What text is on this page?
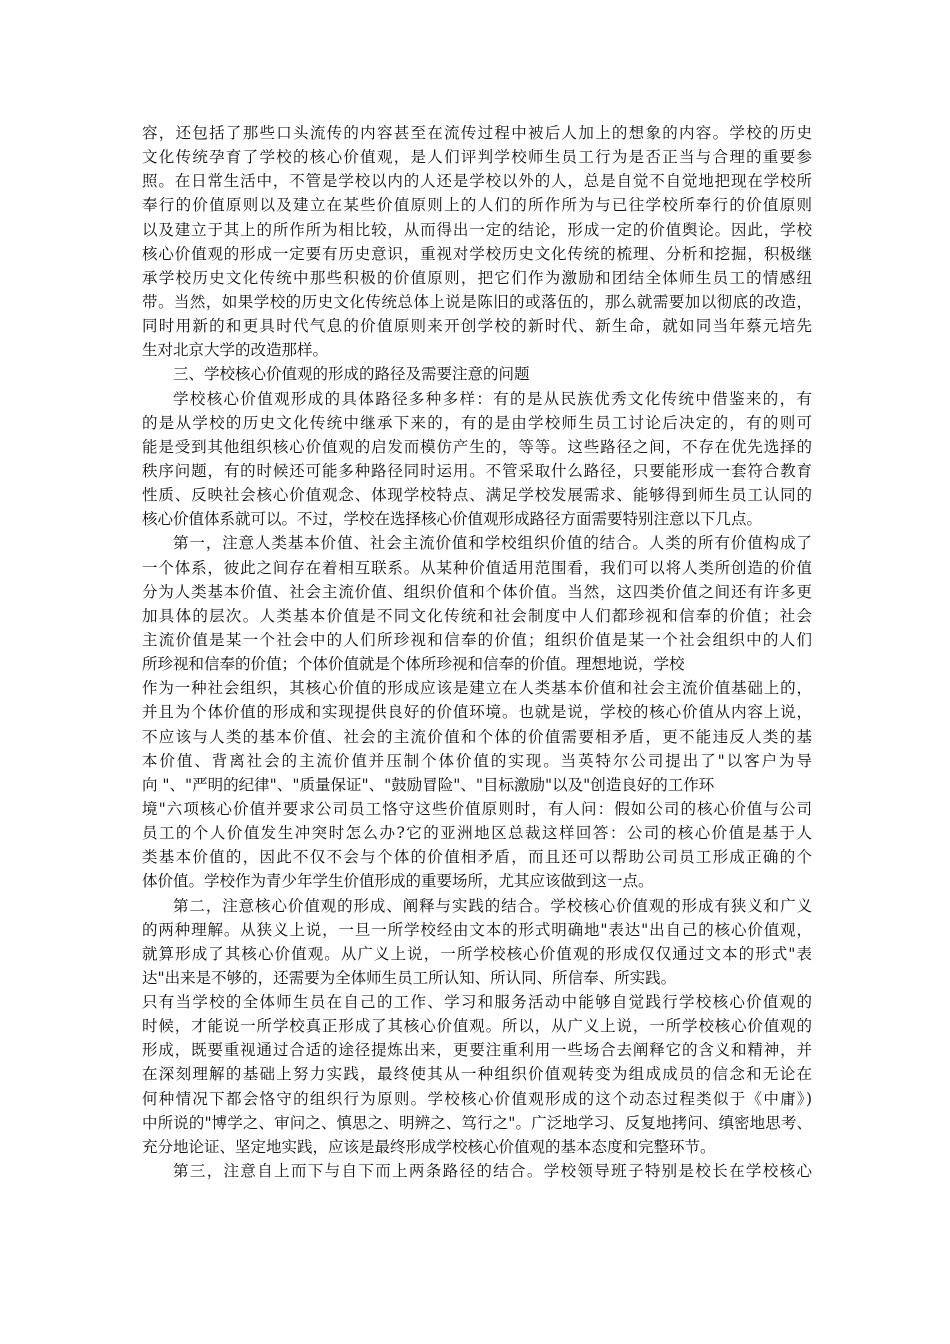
容，还包括了那些口头流传的内容甚至在流传过程中被后人加上的想象的内容。学校的历史
文化传统孕育了学校的核心价值观，是人们评判学校师生员工行为是否正当与合理的重要参
照。在日常生活中，不管是学校以内的人还是学校以外的人，总是自觉不自觉地把现在学校所
奉行的价值原则以及建立在某些价值原则上的人们的所作所为与已往学校所奉行的价值原则
以及建立于其上的所作所为相比较，从而得出一定的结论，形成一定的价值舆论。因此，学校
核心价值观的形成一定要有历史意识，重视对学校历史文化传统的梳理、分析和挖掘，积极继
承学校历史文化传统中那些积极的价值原则，把它们作为激励和团结全体师生员工的情感纽
带。当然，如果学校的历史文化传统总体上说是陈旧的或落伍的，那么就需要加以彻底的改造，
同时用新的和更具时代气息的价值原则来开创学校的新时代、新生命，就如同当年蔡元培先
生对北京大学的改造那样。
三、学校核心价值观的形成的路径及需要注意的问题
学校核心价值观形成的具体路径多种多样：有的是从民族优秀文化传统中借鉴来的，有
的是从学校的历史文化传统中继承下来的，有的是由学校师生员工讨论后决定的，有的则可
能是受到其他组织核心价值观的启发而模仿产生的，等等。这些路径之间，不存在优先选择的
秩序问题，有的时候还可能多种路径同时运用。不管采取什么路径，只要能形成一套符合教育
性质、反映社会核心价值观念、体现学校特点、满足学校发展需求、能够得到师生员工认同的
核心价值体系就可以。不过，学校在选择核心价值观形成路径方面需要特别注意以下几点。
第一，注意人类基本价值、社会主流价值和学校组织价值的结合。人类的所有价值构成了
一个体系，彼此之间存在着相互联系。从某种价值适用范围看，我们可以将人类所创造的价值
分为人类基本价值、社会主流价值、组织价值和个体价值。当然，这四类价值之间还有许多更
加具体的层次。人类基本价值是不同文化传统和社会制度中人们都珍视和信奉的价值；社会
主流价值是某一个社会中的人们所珍视和信奉的价值；组织价值是某一个社会组织中的人们
所珍视和信奉的价值；个体价值就是个体所珍视和信奉的价值。理想地说，学校
作为一种社会组织，其核心价值的形成应该是建立在人类基本价值和社会主流价值基础上的，
并且为个体价值的形成和实现提供良好的价值环境。也就是说，学校的核心价值从内容上说，
不应该与人类的基本价值、社会的主流价值和个体的价值需要相矛盾，更不能违反人类的基
本价值、背离社会的主流价值并压制个体价值的实现。当英特尔公司提出了"以客户为导
向 "、"严明的纪律"、"质量保证"、"鼓励冒险"、"目标激励"以及"创造良好的工作环
境"六项核心价值并要求公司员工恪守这些价值原则时，有人问：假如公司的核心价值与公司
员工的个人价值发生冲突时怎么办?它的亚洲地区总裁这样回答：公司的核心价值是基于人
类基本价值的，因此不仅不会与个体的价值相矛盾，而且还可以帮助公司员工形成正确的个
体价值。学校作为青少年学生价值形成的重要场所，尤其应该做到这一点。
第二，注意核心价值观的形成、阐释与实践的结合。学校核心价值观的形成有狭义和广义
的两种理解。从狭义上说，一旦一所学校经由文本的形式明确地"表达"出自己的核心价值观，
就算形成了其核心价值观。从广义上说，一所学校核心价值观的形成仅仅通过文本的形式"表
达"出来是不够的，还需要为全体师生员工所认知、所认同、所信奉、所实践。
只有当学校的全体师生员在自己的工作、学习和服务活动中能够自觉践行学校核心价值观的
时候，才能说一所学校真正形成了其核心价值观。所以，从广义上说，一所学校核心价值观的
形成，既要重视通过合适的途径提炼出来，更要注重利用一些场合去阐释它的含义和精神，并
在深刻理解的基础上努力实践，最终使其从一种组织价值观转变为组成成员的信念和无论在
何种情况下都会恪守的组织行为原则。学校核心价值观形成的这个动态过程类似于《中庸》)
中所说的"博学之、审问之、慎思之、明辨之、笃行之"。广泛地学习、反复地拷问、缜密地思考、
充分地论证、坚定地实践，应该是最终形成学校核心价值观的基本态度和完整环节。
第三，注意自上而下与自下而上两条路径的结合。学校领导班子特别是校长在学校核心
